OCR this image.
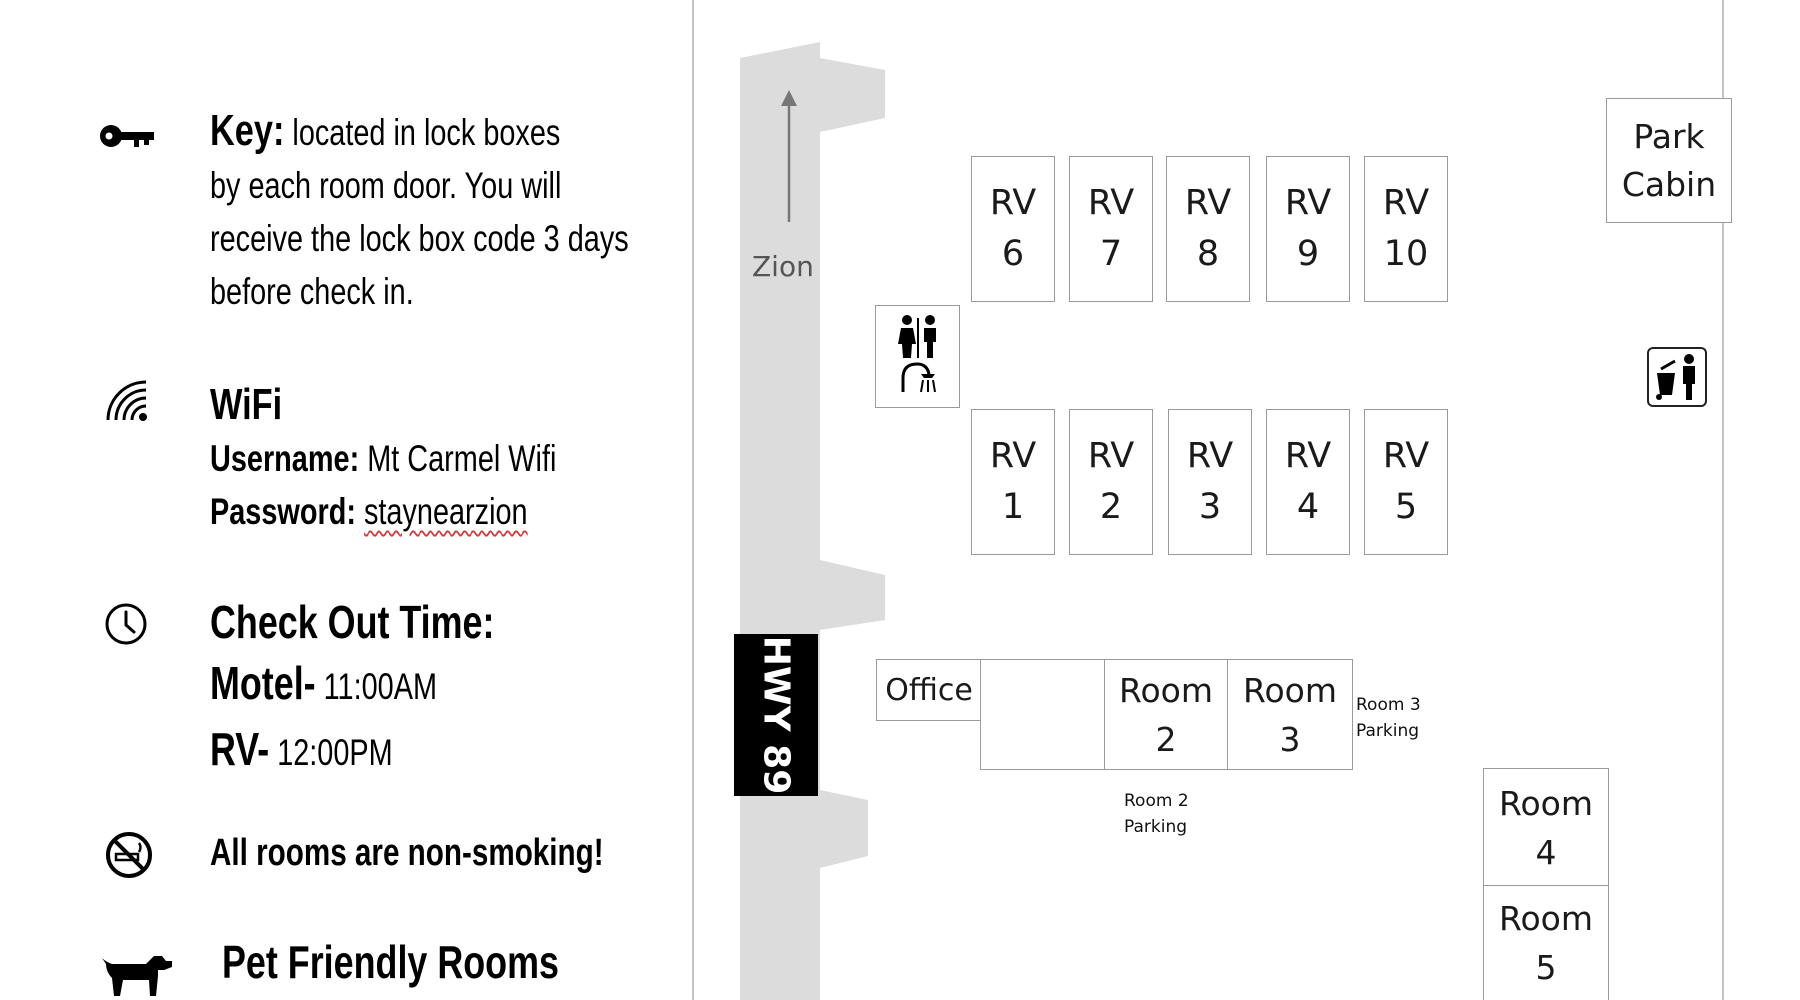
Key: located in lock boxes
by each room door. You will
receive the lock box code 3 days
before check in.
WiFi
Username: Mt Carmel Wifi
Password: staynearzion
Check Out Time:
Motel- 11:00AM
RV- 12:00PM
All rooms are non-smoking!
Pet Friendly Rooms
Zion
HWY 89
RV
6
RV
7
RV
8
RV
9
RV
10
RV
1
RV
2
RV
3
RV
4
RV
5
Park
Cabin
Office	Room
2
Room
3
Room
4
Room
5
Room 3
Parking
Room 2
Parking
